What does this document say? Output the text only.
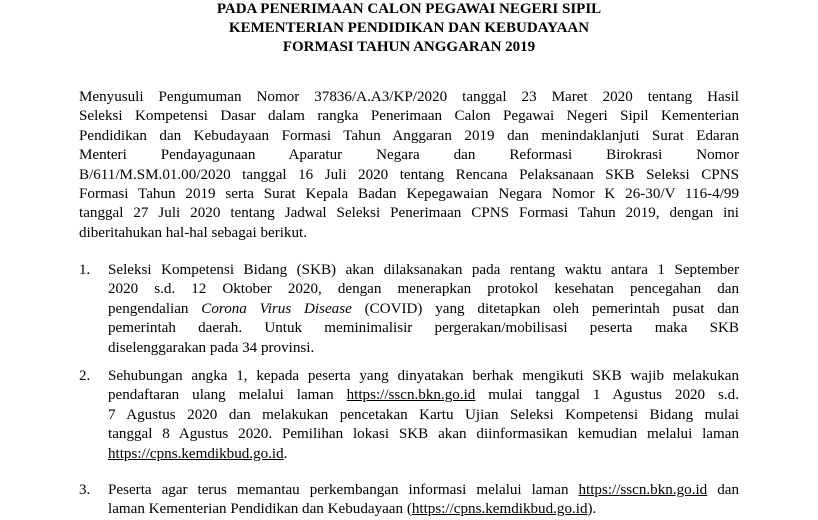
PADA PENERIMAAN CALON PEGAWAI NEGERI SIPIL
KEMENTERIAN PENDIDIKAN DAN KEBUDAYAAN
FORMASI TAHUN ANGGARAN 2019
Menyusuli Pengumuman Nomor 37836/A.A3/KP/2020 tanggal 23 Maret 2020 tentang Hasil
Seleksi Kompetensi Dasar dalam rangka Penerimaan Calon Pegawai Negeri Sipil Kementerian
Pendidikan dan Kebudayaan Formasi Tahun Anggaran 2019 dan menindaklanjuti Surat Edaran
Menteri Pendayagunaan Aparatur Negara dan Reformasi Birokrasi Nomor
B/611/M.SM.01.00/2020 tanggal 16 Juli 2020 tentang Rencana Pelaksanaan SKB Seleksi CPNS
Formasi Tahun 2019 serta Surat Kepala Badan Kepegawaian Negara Nomor K 26-30/V 116-4/99
tanggal 27 Juli 2020 tentang Jadwal Seleksi Penerimaan CPNS Formasi Tahun 2019, dengan ini
diberitahukan hal-hal sebagai berikut.
1. Seleksi Kompetensi Bidang (SKB) akan dilaksanakan pada rentang waktu antara 1 September
2020 s.d. 12 Oktober 2020, dengan menerapkan protokol kesehatan pencegahan dan
pengendalian Corona Virus Disease (COVID) yang ditetapkan oleh pemerintah pusat dan
pemerintah daerah. Untuk meminimalisir pergerakan/mobilisasi peserta maka SKB
diselenggarakan pada 34 provinsi.
2. Sehubungan angka 1, kepada peserta yang dinyatakan berhak mengikuti SKB wajib melakukan
pendaftaran ulang melalui laman https://sscn.bkn.go.id mulai tanggal 1 Agustus 2020 s.d.
7 Agustus 2020 dan melakukan pencetakan Kartu Ujian Seleksi Kompetensi Bidang mulai
tanggal 8 Agustus 2020. Pemilihan lokasi SKB akan diinformasikan kemudian melalui laman
https://cpns.kemdikbud.go.id.
3. Peserta agar terus memantau perkembangan informasi melalui laman https://sscn.bkn.go.id dan
laman Kementerian Pendidikan dan Kebudayaan (https://cpns.kemdikbud.go.id).
